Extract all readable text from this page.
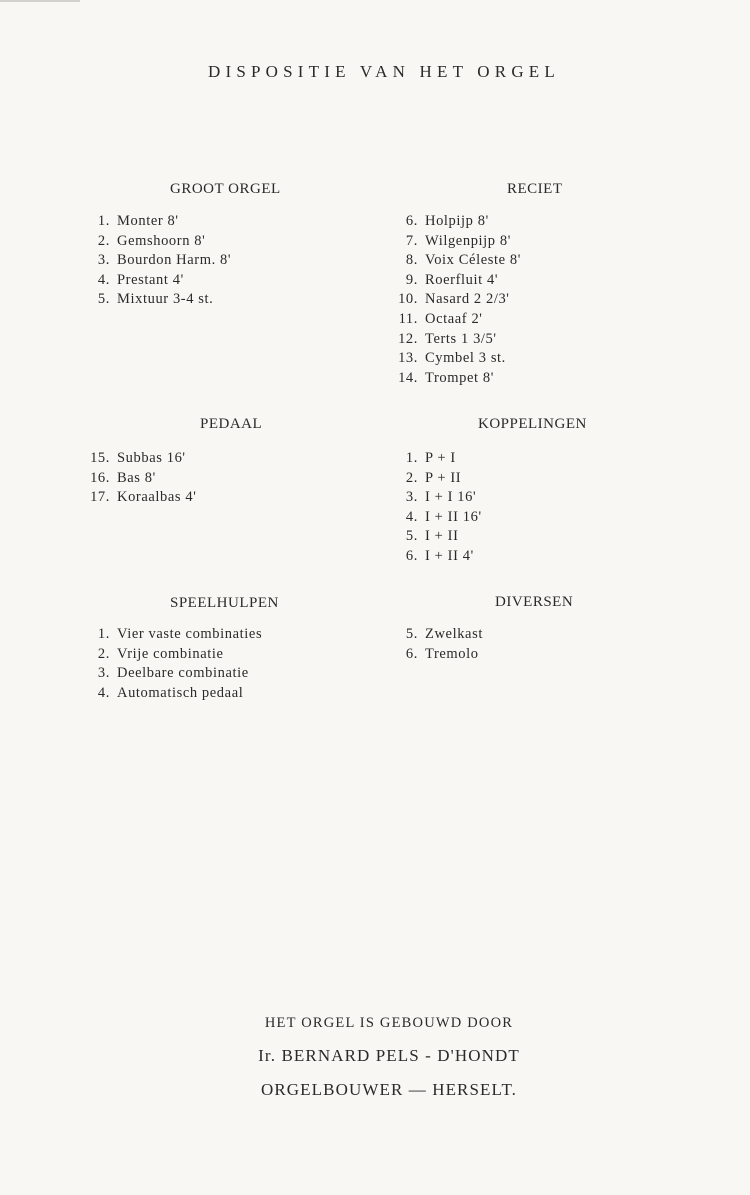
DISPOSITIE VAN HET ORGEL
GROOT ORGEL
1. Monter 8'
2. Gemshoorn 8'
3. Bourdon Harm. 8'
4. Prestant 4'
5. Mixtuur 3-4 st.
RECIET
6. Holpijp 8'
7. Wilgenpijp 8'
8. Voix Céleste 8'
9. Roerfluit 4'
10. Nasard 2 2/3'
11. Octaaf 2'
12. Terts 1 3/5'
13. Cymbel 3 st.
14. Trompet 8'
PEDAAL
15. Subbas 16'
16. Bas 8'
17. Koraalbas 4'
KOPPELINGEN
1. P + I
2. P + II
3. I + I 16'
4. I + II 16'
5. I + II
6. I + II 4'
SPEELHULPEN
1. Vier vaste combinaties
2. Vrije combinatie
3. Deelbare combinatie
4. Automatisch pedaal
DIVERSEN
5. Zwelkast
6. Tremolo
HET ORGEL IS GEBOUWD DOOR
Ir. BERNARD PELS - D'HONDT
ORGELBOUWER — HERSELT.
